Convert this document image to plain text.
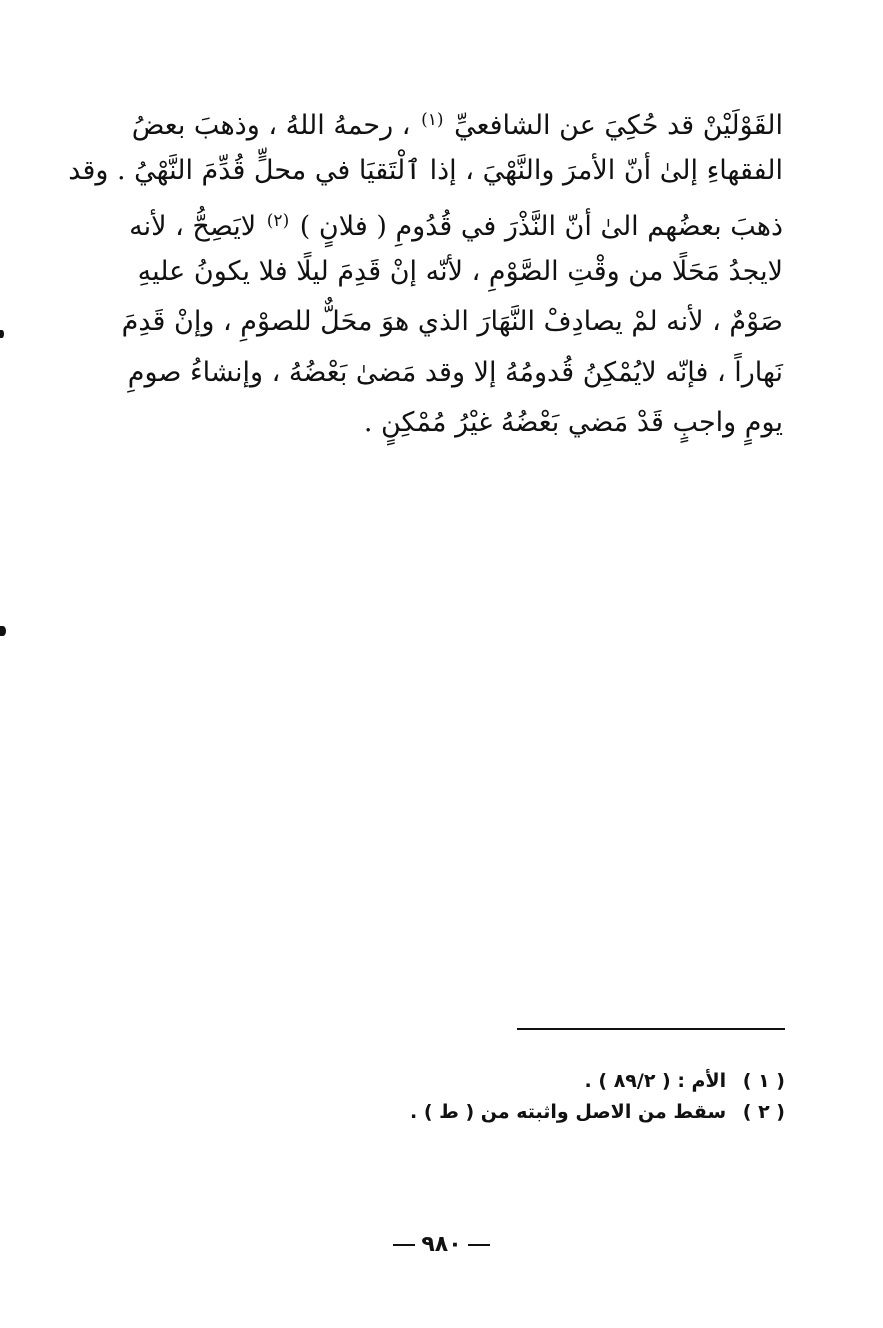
القَوْلَيْنْ قد حُكِيَ عن الشافعيِّ $^{(١)}$ ، رحمهُ اللهُ ، وذهبَ بعضُ
الفقهاءِ إلىٰ أنّ الأمرَ والنَّهْيَ ، إذا ٱلْتَقيَا في محلٍّ قُدِّمَ النَّهْيُ . وقد
ذهبَ بعضُهم الىٰ أنّ النَّذْرَ في قُدُومِ ( فلانٍ ) $^{(٢)}$ لايَصِحُّ ، لأنه
لايجدُ مَحَلًا من وقْتِ الصَّوْمِ ، لأنّه إنْ قَدِمَ ليلًا فلا يكونُ عليهِ
صَوْمٌ ، لأنه لمْ يصادِفْ النَّهَارَ الذي هوَ محَلٌّ للصوْمِ ، وإنْ قَدِمَ
نَهاراً ، فإنّه لايُمْكِنُ قُدومُهُ إلا وقد مَضىٰ بَعْضُهُ ، وإنشاءُ صومِ
يومٍ واجبٍ قَدْ مَضي بَعْضُهُ غيْرُ مُمْكِنٍ .
( ١ ) الأم : ( ٨٩/٢ ) .
( ٢ ) سقط من الاصل واثبته من ( ط ) .
٩٨٠
